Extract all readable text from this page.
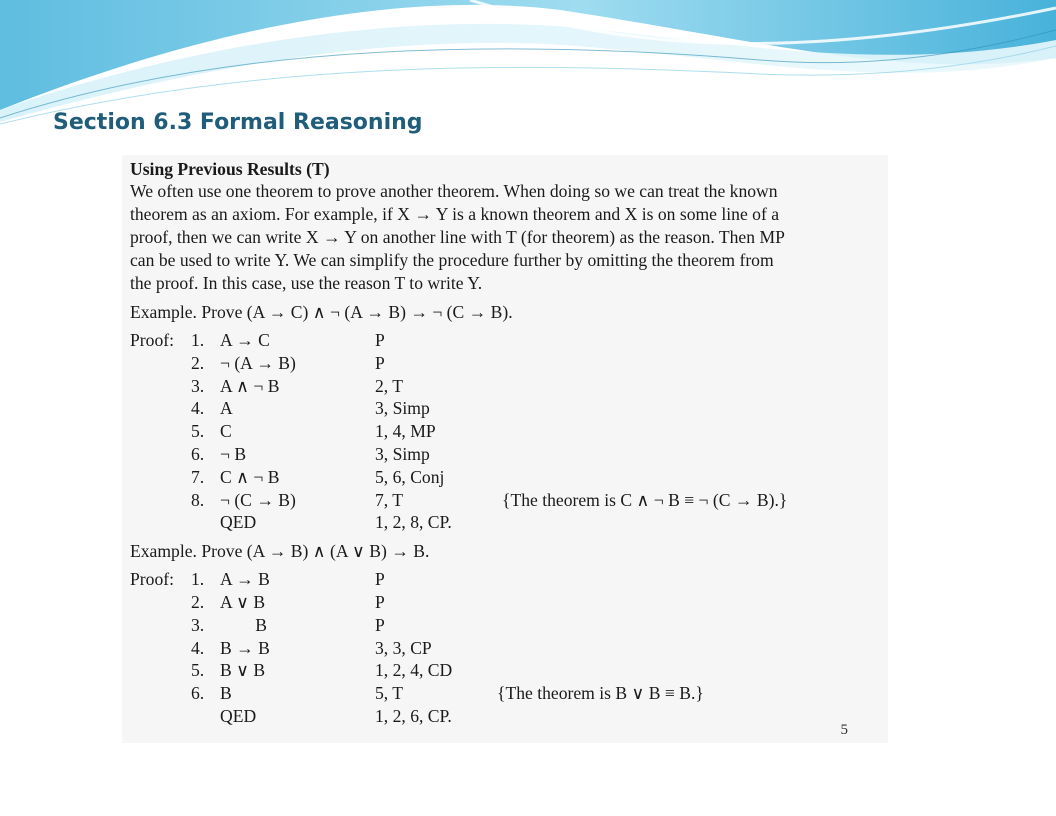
Section 6.3 Formal Reasoning
Using Previous Results (T)

We often use one theorem to prove another theorem. When doing so we can treat the known

theorem as an axiom. For example, if X → Y is a known theorem and X is on some line of a

proof, then we can write X → Y on another line with T (for theorem) as the reason. Then MP

can be used to write Y. We can simplify the procedure further by omitting the theorem from

the proof. In this case, use the reason T to write Y.

Example. Prove (A → C) ∧ ¬ (A → B) → ¬ (C → B).
Proof: 1. A → C	P
2. ¬ (A → B)	P
3. A ∧ ¬ B	2, T
4. A	3, Simp
5. C	1, 4, MP
6. ¬ B	3, Simp
7. C ∧ ¬ B	5, 6, Conj
8. ¬ (C → B)	7, T	{The theorem is C ∧ ¬ B ≡ ¬ (C → B).}
QED	1, 2, 8, CP.
Example. Prove (A → B) ∧ (A ∨ B) → B.
Proof: 1. A → B	P
2. A ∨ B	P
3. B	P
4. B → B	3, 3, CP
5. B ∨ B	1, 2, 4, CD
6. B	5, T	{The theorem is B ∨ B ≡ B.}
QED	1, 2, 6, CP.
5
